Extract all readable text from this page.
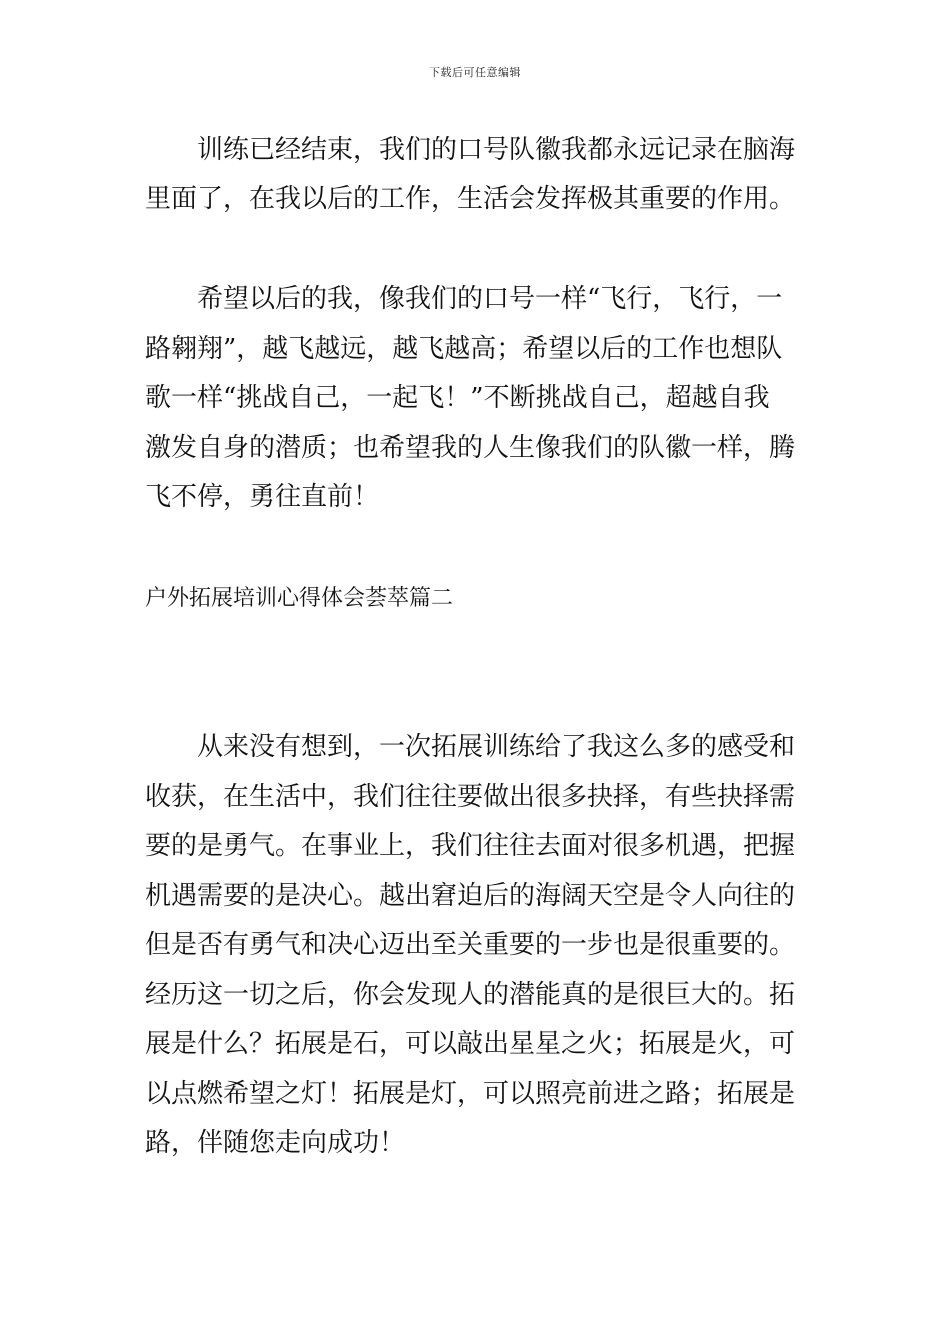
下载后可任意编辑
训练已经结束，我们的口号队徽我都永远记录在脑海
里面了，在我以后的工作，生活会发挥极其重要的作用。
希望以后的我，像我们的口号一样“飞行，飞行，一
路翱翔”，越飞越远，越飞越高；希望以后的工作也想队
歌一样“挑战自己，一起飞！”不断挑战自己，超越自我
激发自身的潜质；也希望我的人生像我们的队徽一样，腾
飞不停，勇往直前！
户外拓展培训心得体会荟萃篇二
从来没有想到，一次拓展训练给了我这么多的感受和
收获，在生活中，我们往往要做出很多抉择，有些抉择需
要的是勇气。在事业上，我们往往去面对很多机遇，把握
机遇需要的是决心。越出窘迫后的海阔天空是令人向往的
但是否有勇气和决心迈出至关重要的一步也是很重要的。
经历这一切之后，你会发现人的潜能真的是很巨大的。拓
展是什么？拓展是石，可以敲出星星之火；拓展是火，可
以点燃希望之灯！拓展是灯，可以照亮前进之路；拓展是
路，伴随您走向成功！
